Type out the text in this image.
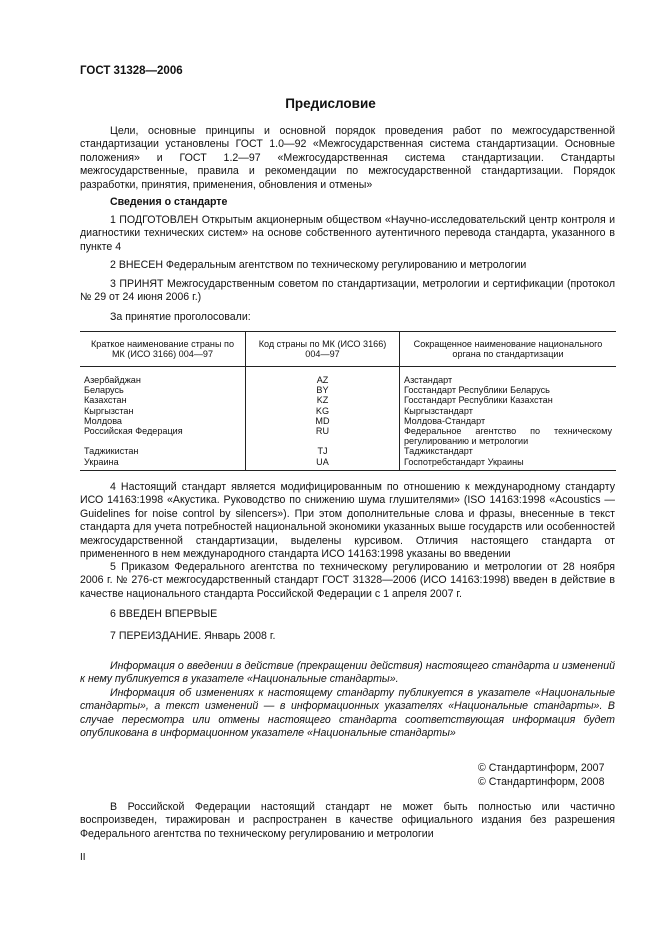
ГОСТ 31328—2006
Предисловие
Цели, основные принципы и основной порядок проведения работ по межгосударственной стандартизации установлены ГОСТ 1.0—92 «Межгосударственная система стандартизации. Основные положения» и ГОСТ 1.2—97 «Межгосударственная система стандартизации. Стандарты межгосударственные, правила и рекомендации по межгосударственной стандартизации. Порядок разработки, принятия, применения, обновления и отмены»
Сведения о стандарте
1 ПОДГОТОВЛЕН Открытым акционерным обществом «Научно-исследовательский центр контроля и диагностики технических систем» на основе собственного аутентичного перевода стандарта, указанного в пункте 4
2 ВНЕСЕН Федеральным агентством по техническому регулированию и метрологии
3 ПРИНЯТ Межгосударственным советом по стандартизации, метрологии и сертификации (протокол № 29 от 24 июня 2006 г.)
За принятие проголосовали:
Краткое наименование страны по МК (ИСО 3166) 004—97	Код страны по МК (ИСО 3166) 004—97	Сокращенное наименование национального органа по стандартизации
Азербайджан	AZ	Азстандарт
Беларусь	BY	Госстандарт Республики Беларусь
Казахстан	KZ	Госстандарт Республики Казахстан
Кыргызстан	KG	Кыргызстандарт
Молдова	MD	Молдова-Стандарт
Российская Федерация	RU	Федеральное агентство по техническому регулированию и метрологии
Таджикистан	TJ	Таджикстандарт
Украина	UA	Госпотребстандарт Украины
4 Настоящий стандарт является модифицированным по отношению к международному стандарту ИСО 14163:1998 «Акустика. Руководство по снижению шума глушителями» (ISO 14163:1998 «Acoustics — Guidelines for noise control by silencers»). При этом дополнительные слова и фразы, внесенные в текст стандарта для учета потребностей национальной экономики указанных выше государств или особенностей межгосударственной стандартизации, выделены курсивом. Отличия настоящего стандарта от примененного в нем международного стандарта ИСО 14163:1998 указаны во введении
5 Приказом Федерального агентства по техническому регулированию и метрологии от 28 ноября 2006 г. № 276-ст межгосударственный стандарт ГОСТ 31328—2006 (ИСО 14163:1998) введен в действие в качестве национального стандарта Российской Федерации с 1 апреля 2007 г.
6 ВВЕДЕН ВПЕРВЫЕ
7 ПЕРЕИЗДАНИЕ. Январь 2008 г.
Информация о введении в действие (прекращении действия) настоящего стандарта и изменений к нему публикуется в указателе «Национальные стандарты».
Информация об изменениях к настоящему стандарту публикуется в указателе «Национальные стандарты», а текст изменений — в информационных указателях «Национальные стандарты». В случае пересмотра или отмены настоящего стандарта соответствующая информация будет опубликована в информационном указателе «Национальные стандарты»
© Стандартинформ, 2007
© Стандартинформ, 2008
В Российской Федерации настоящий стандарт не может быть полностью или частично воспроизведен, тиражирован и распространен в качестве официального издания без разрешения Федерального агентства по техническому регулированию и метрологии
II
